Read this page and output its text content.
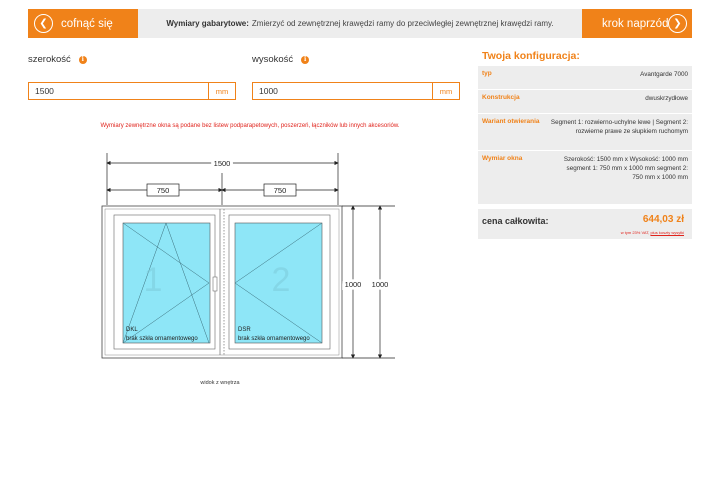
❮	cofnąć się	Wymiary gabarytowe: Zmierzyć od zewnętrznej krawędzi ramy do przeciwległej zewnętrznej krawędzi ramy.	krok naprzód ❯
szerokość	i
1500
mm
wysokość	i
1000
mm
Wymiary zewnętrzne okna są podane bez listew podparapetowych, poszerzeń, łączników lub innych akcesoriów.
1500
750	750
1	2
DKL
brak szkła ornamentowego
DSR
brak szkła ornamentowego
1000 1000
widok z wnętrza
Twoja konfiguracja:
typ	Avantgarde 7000
Konstrukcja	dwuskrzydłowe
Wariant otwierania	Segment 1: rozwierno-uchylne lewe | Segment 2: rozwierne prawe ze słupkiem ruchomym
Wymiar okna	Szerokość: 1500 mm x Wysokość: 1000 mm segment 1: 750 mm x 1000 mm segment 2: 750 mm x 1000 mm
cena całkowita:	644,03 zł
w tym 23% VAT, plus koszty wysyłki
